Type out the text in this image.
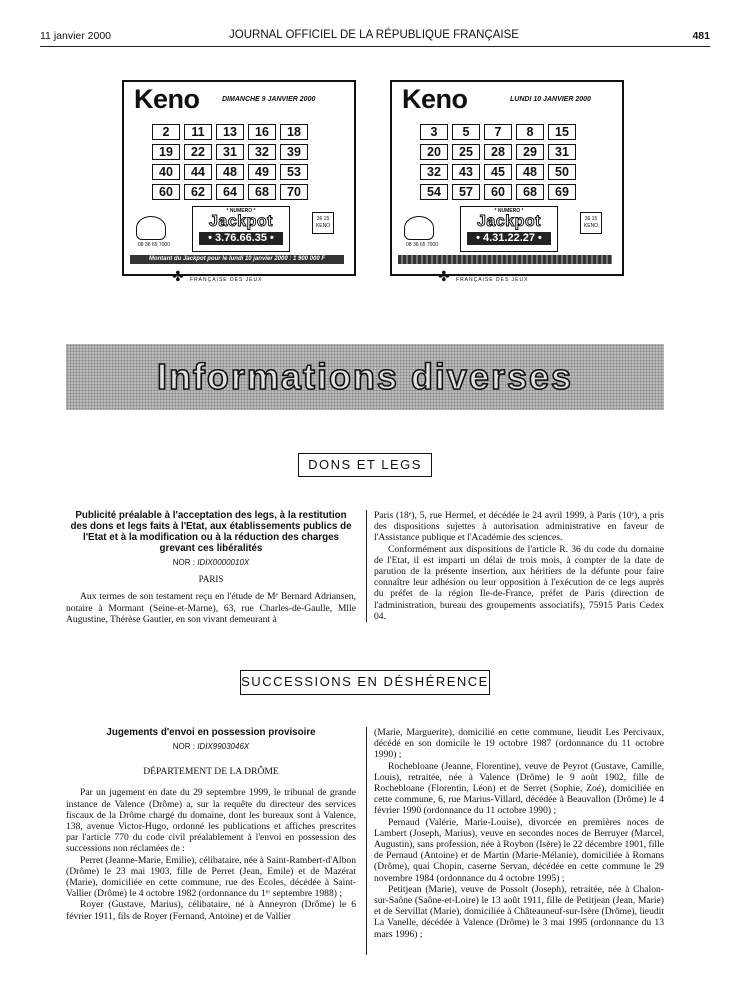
11 janvier 2000	JOURNAL OFFICIEL DE LA RÉPUBLIQUE FRANÇAISE	481
Keno	DIMANCHE 9 JANVIER 2000
2	11	13	16	18
19	22	31	32	39
40	44	48	49	53
60	62	64	68	70
08 36 65 7000
* NUMERO *
Jackpot
• 3.76.66.35 •
36 15 KENO
Montant du Jackpot pour le lundi 10 janvier 2000 : 1 900 000 F
✤ FRANÇAISE DES JEUX
Keno	LUNDI 10 JANVIER 2000
3	5	7	8	15
20	25	28	29	31
32	43	45	48	50
54	57	60	68	69
08 36 65 7000
* NUMERO *
Jackpot
• 4.31.22.27 •
36 15 KENO
✤ FRANÇAISE DES JEUX
Informations diverses
DONS ET LEGS

Publicité préalable à l'acceptation des legs, à la restitution des dons et legs faits à l'Etat, aux établissements publics de l'Etat et à la modification ou à la réduction des charges grevant ces libéralités

NOR : IDIX0000010X

PARIS

Aux termes de son testament reçu en l'étude de Mᵉ Bernard Adriansen, notaire à Mormant (Seine-et-Marne), 63, rue Charles-de-Gaulle, Mlle Augustine, Thérèse Gautier, en son vivant demeurant à

Paris (18ᵉ), 5, rue Hermel, et décédée le 24 avril 1999, à Paris (10ᵉ), a pris des dispositions sujettes à autorisation administrative en faveur de l'Assistance publique et l'Académie des sciences.

Conformément aux dispositions de l'article R. 36 du code du domaine de l'Etat, il est imparti un délai de trois mois, à compter de la date de parution de la présente insertion, aux héritiers de la défunte pour faire connaître leur adhésion ou leur opposition à l'exécution de ce legs auprès du préfet de la région Ile-de-France, préfet de Paris (direction de l'administration, bureau des groupements associatifs), 75915 Paris Cedex 04.

SUCCESSIONS EN DÉSHÉRENCE

Jugements d'envoi en possession provisoire

NOR : IDIX9903046X

DÉPARTEMENT DE LA DRÔME

Par un jugement en date du 29 septembre 1999, le tribunal de grande instance de Valence (Drôme) a, sur la requête du directeur des services fiscaux de la Drôme chargé du domaine, dont les bureaux sont à Valence, 138, avenue Victor-Hugo, ordonné les publications et affiches prescrites par l'article 770 du code civil préalablement à l'envoi en possession des successions non réclamées de :

Perret (Jeanne-Marie, Emilie), célibataire, née à Saint-Rambert-d'Albon (Drôme) le 23 mai 1903, fille de Perret (Jean, Emile) et de Mazérat (Marie), domiciliée en cette commune, rue des Ecoles, décédée à Saint-Vallier (Drôme) le 4 octobre 1982 (ordonnance du 1ᵉʳ septembre 1988) ;

Royer (Gustave, Marius), célibataire, né à Anneyron (Drôme) le 6 février 1911, fils de Royer (Fernand, Antoine) et de Vallier

(Marie, Marguerite), domicilié en cette commune, lieudit Les Percivaux, décédé en son domicile le 19 octobre 1987 (ordonnance du 11 octobre 1990) ;

Rochebloane (Jeanne, Florentine), veuve de Peyrot (Gustave, Camille, Louis), retraitée, née à Valence (Drôme) le 9 août 1902, fille de Rochebloane (Florentin, Léon) et de Serret (Sophie, Zoé), domiciliée en cette commune, 6, rue Marius-Villard, décédée à Beauvallon (Drôme) le 4 février 1990 (ordonnance du 11 octobre 1990) ;

Pernaud (Valérie, Marie-Louise), divorcée en premières noces de Lambert (Joseph, Marius), veuve en secondes noces de Berruyer (Marcel, Augustin), sans profession, née à Roybon (Isère) le 22 décembre 1901, fille de Pernaud (Antoine) et de Martin (Marie-Mélanie), domiciliée à Romans (Drôme), quai Chopin, caserne Servan, décédée en cette commune le 29 novembre 1984 (ordonnance du 4 octobre 1995) ;

Petitjean (Marie), veuve de Possolt (Joseph), retraitée, née à Chalon-sur-Saône (Saône-et-Loire) le 13 août 1911, fille de Petitjean (Jean, Marie) et de Servillat (Marie), domiciliée à Châteauneuf-sur-Isère (Drôme), lieudit La Vanelle, décédée à Valence (Drôme) le 3 mai 1995 (ordonnance du 13 mars 1996) ;
